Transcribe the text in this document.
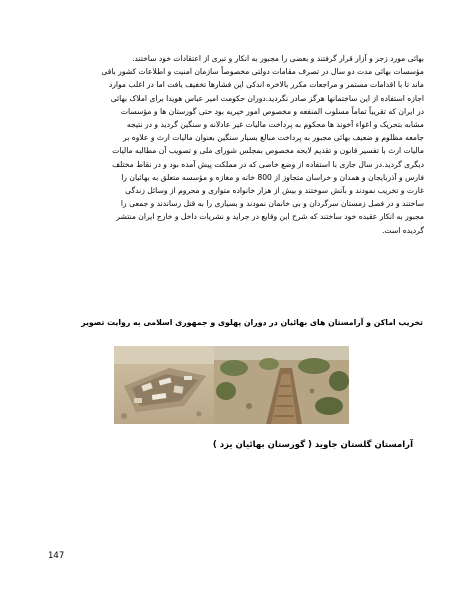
بهائی مورد زجر و آزار قرار گرفتند و بعضی را مجبور به انکار و تبری از اعتقادات خود ساختند.
مؤسسات بهائی مدت دو سال در تصرف مقامات دولتی مخصوصاً سازمان امنیت و اطلاعات کشور باقی
ماند تا با اقدامات مستمر و مراجعات مکرر بالاخره اندکی این فشارها تخفیف یافت اما در اغلب موارد
اجازه استفاده از این ساختمانها هرگز صادر نگردید.دوران حکومت امیر عباس هویدا برای املاک بهائی
در ایران که تقریباً تماماً مسلوب المنفعه و مخصوص امور خیریه بود حتی گورستان ها و مؤسسات
مشابه بتحریک و اغواء آخوند ها محکوم به پرداخت مالیات غیر عادلانه و سنگین گردید و در نتیجه
جامعه مظلوم و ضعیف بهائی مجبور به پرداخت مبالغ بسیار سنگین بعنوان مالیات ارث و علاوه بر
مالیات ارث با تفسیر قانون و تقدیم لایحه مخصوص بمجلس شورای ملی و تصویب آن مطالبه مالیات
دیگری گردید.در سال جاری با استفاده از وضع خاصی که در مملکت پیش آمده بود و در نقاط مختلف
فارس و آذربایجان و همدان و خراسان متجاوز از 800 خانه و مغازه و مؤسسه متعلق به بهائیان را
غارت و تخریب نمودند و بآتش سوختند و بیش از هزار خانواده متواری و محروم از وسائل زندگی
ساختند و در فصل زمستان سرگردان و بی خانمان نمودند و بسیاری را به قتل رساندند و جمعی را
مجبور به انکار عقیده خود ساختند که شرح این وقایع در جراید و نشریات داخل و خارج ایران منتشر
گردیده است.

تخریب اماکن و آرامستان های بهائیان در دوران پهلوی و جمهوری اسلامی به روایت تصویر

آرامستان گلستان جاوید ( گورستان بهائیان یزد )

147
